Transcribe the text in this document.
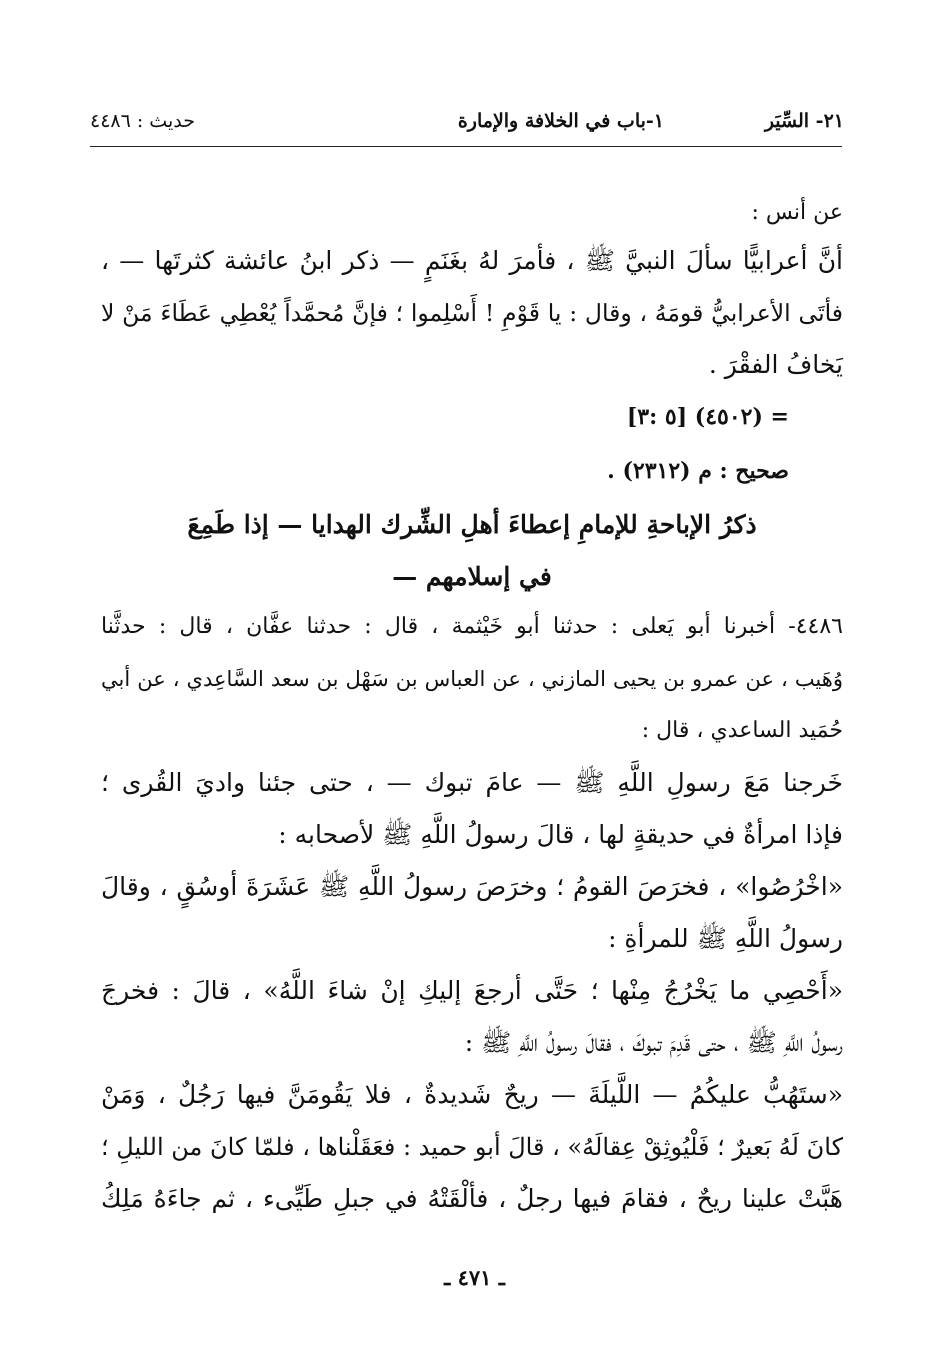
٢١- السِّيَر
١-باب في الخلافة والإمارة
حديث : ٤٤٨٦
عن أنس :
أنَّ أعرابيًّا سألَ النبيَّ ﷺ ، فأمرَ لهُ بغَنَمٍ — ذكر ابنُ عائشة كثرتَها — ،
فأتَى الأعرابيُّ قومَهُ ، وقال : يا قَوْمِ ! أَسْلِموا ؛ فإنَّ مُحمَّداً يُعْطِي عَطَاءَ مَنْ لا
يَخافُ الفقْرَ .
= (٤٥٠٢) [٥ :٣]
صحيح : م (٢٣١٢) .
ذكرُ الإباحةِ للإمامِ إعطاءَ أهلِ الشِّرك الهدايا — إذا طَمِعَ
في إسلامهم —
٤٤٨٦- أخبرنا أبو يَعلى : حدثنا أبو خَيْثمة ، قال : حدثنا عفَّان ، قال : حدثَّنا
وُهَيب ، عن عمرو بن يحيى المازني ، عن العباس بن سَهْل بن سعد السَّاعِدي ، عن أبي
حُمَيد الساعدي ، قال :
خَرجنا مَعَ رسولِ اللَّهِ ﷺ — عامَ تبوك — ، حتى جئنا واديَ القُرى ؛
فإذا امرأةٌ في حديقةٍ لها ، قالَ رسولُ اللَّهِ ﷺ لأصحابه :
«اخْرُصُوا» ، فخرَصَ القومُ ؛ وخرَصَ رسولُ اللَّهِ ﷺ عَشَرَةَ أوسُقٍ ، وقالَ
رسولُ اللَّهِ ﷺ للمرأةِ :
«أَحْصِي ما يَخْرُجُ مِنْها ؛ حَتَّى أرجعَ إليكِ إنْ شاءَ اللَّهُ» ، قالَ : فخرجَ
رسولُ اللَّهِ ﷺ ، حتى قَدِمَ تبوكَ ، فقالَ رسولُ اللَّهِ ﷺ :
«ستَهُبُّ عليكُمُ — اللَّيلَةَ — ريحٌ شَديدةٌ ، فلا يَقُومَنَّ فيها رَجُلٌ ، وَمَنْ
كانَ لَهُ بَعيرٌ ؛ فَلْيُوثِقْ عِقالَهُ» ، قالَ أبو حميد : فعَقَلْناها ، فلمّا كانَ من الليلِ ؛
هَبَّتْ علينا ريحٌ ، فقامَ فيها رجلٌ ، فألْقَتْهُ في جبلِ طَيِّىء ، ثم جاءَهُ مَلِكُ
ـ ٤٧١ ـ
